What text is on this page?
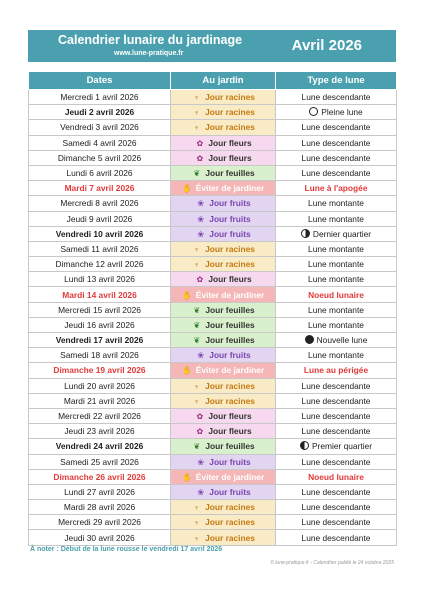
Calendrier lunaire du jardinage
www.lune-pratique.fr	Avril 2026
Dates	Au jardin	Type de lune
Mercredi 1 avril 2026	♆ Jour racines	Lune descendante
Jeudi 2 avril 2026	♆ Jour racines	Pleine lune
Vendredi 3 avril 2026	♆ Jour racines	Lune descendante
Samedi 4 avril 2026	✿ Jour fleurs	Lune descendante
Dimanche 5 avril 2026	✿ Jour fleurs	Lune descendante
Lundi 6 avril 2026	❦ Jour feuilles	Lune descendante
Mardi 7 avril 2026	✋ Éviter de jardiner	Lune à l'apogée
Mercredi 8 avril 2026	❀ Jour fruits	Lune montante
Jeudi 9 avril 2026	❀ Jour fruits	Lune montante
Vendredi 10 avril 2026	❀ Jour fruits	Dernier quartier
Samedi 11 avril 2026	♆ Jour racines	Lune montante
Dimanche 12 avril 2026	♆ Jour racines	Lune montante
Lundi 13 avril 2026	✿ Jour fleurs	Lune montante
Mardi 14 avril 2026	✋ Éviter de jardiner	Noeud lunaire
Mercredi 15 avril 2026	❦ Jour feuilles	Lune montante
Jeudi 16 avril 2026	❦ Jour feuilles	Lune montante
Vendredi 17 avril 2026	❦ Jour feuilles	Nouvelle lune
Samedi 18 avril 2026	❀ Jour fruits	Lune montante
Dimanche 19 avril 2026	✋ Éviter de jardiner	Lune au périgée
Lundi 20 avril 2026	♆ Jour racines	Lune descendante
Mardi 21 avril 2026	♆ Jour racines	Lune descendante
Mercredi 22 avril 2026	✿ Jour fleurs	Lune descendante
Jeudi 23 avril 2026	✿ Jour fleurs	Lune descendante
Vendredi 24 avril 2026	❦ Jour feuilles	Premier quartier
Samedi 25 avril 2026	❀ Jour fruits	Lune descendante
Dimanche 26 avril 2026	✋ Éviter de jardiner	Noeud lunaire
Lundi 27 avril 2026	❀ Jour fruits	Lune descendante
Mardi 28 avril 2026	♆ Jour racines	Lune descendante
Mercredi 29 avril 2026	♆ Jour racines	Lune descendante
Jeudi 30 avril 2026	♆ Jour racines	Lune descendante
À noter : Début de la lune rousse le vendredi 17 avril 2026
© lune-pratique.fr - Calendrier publié le 24 octobre 2025
